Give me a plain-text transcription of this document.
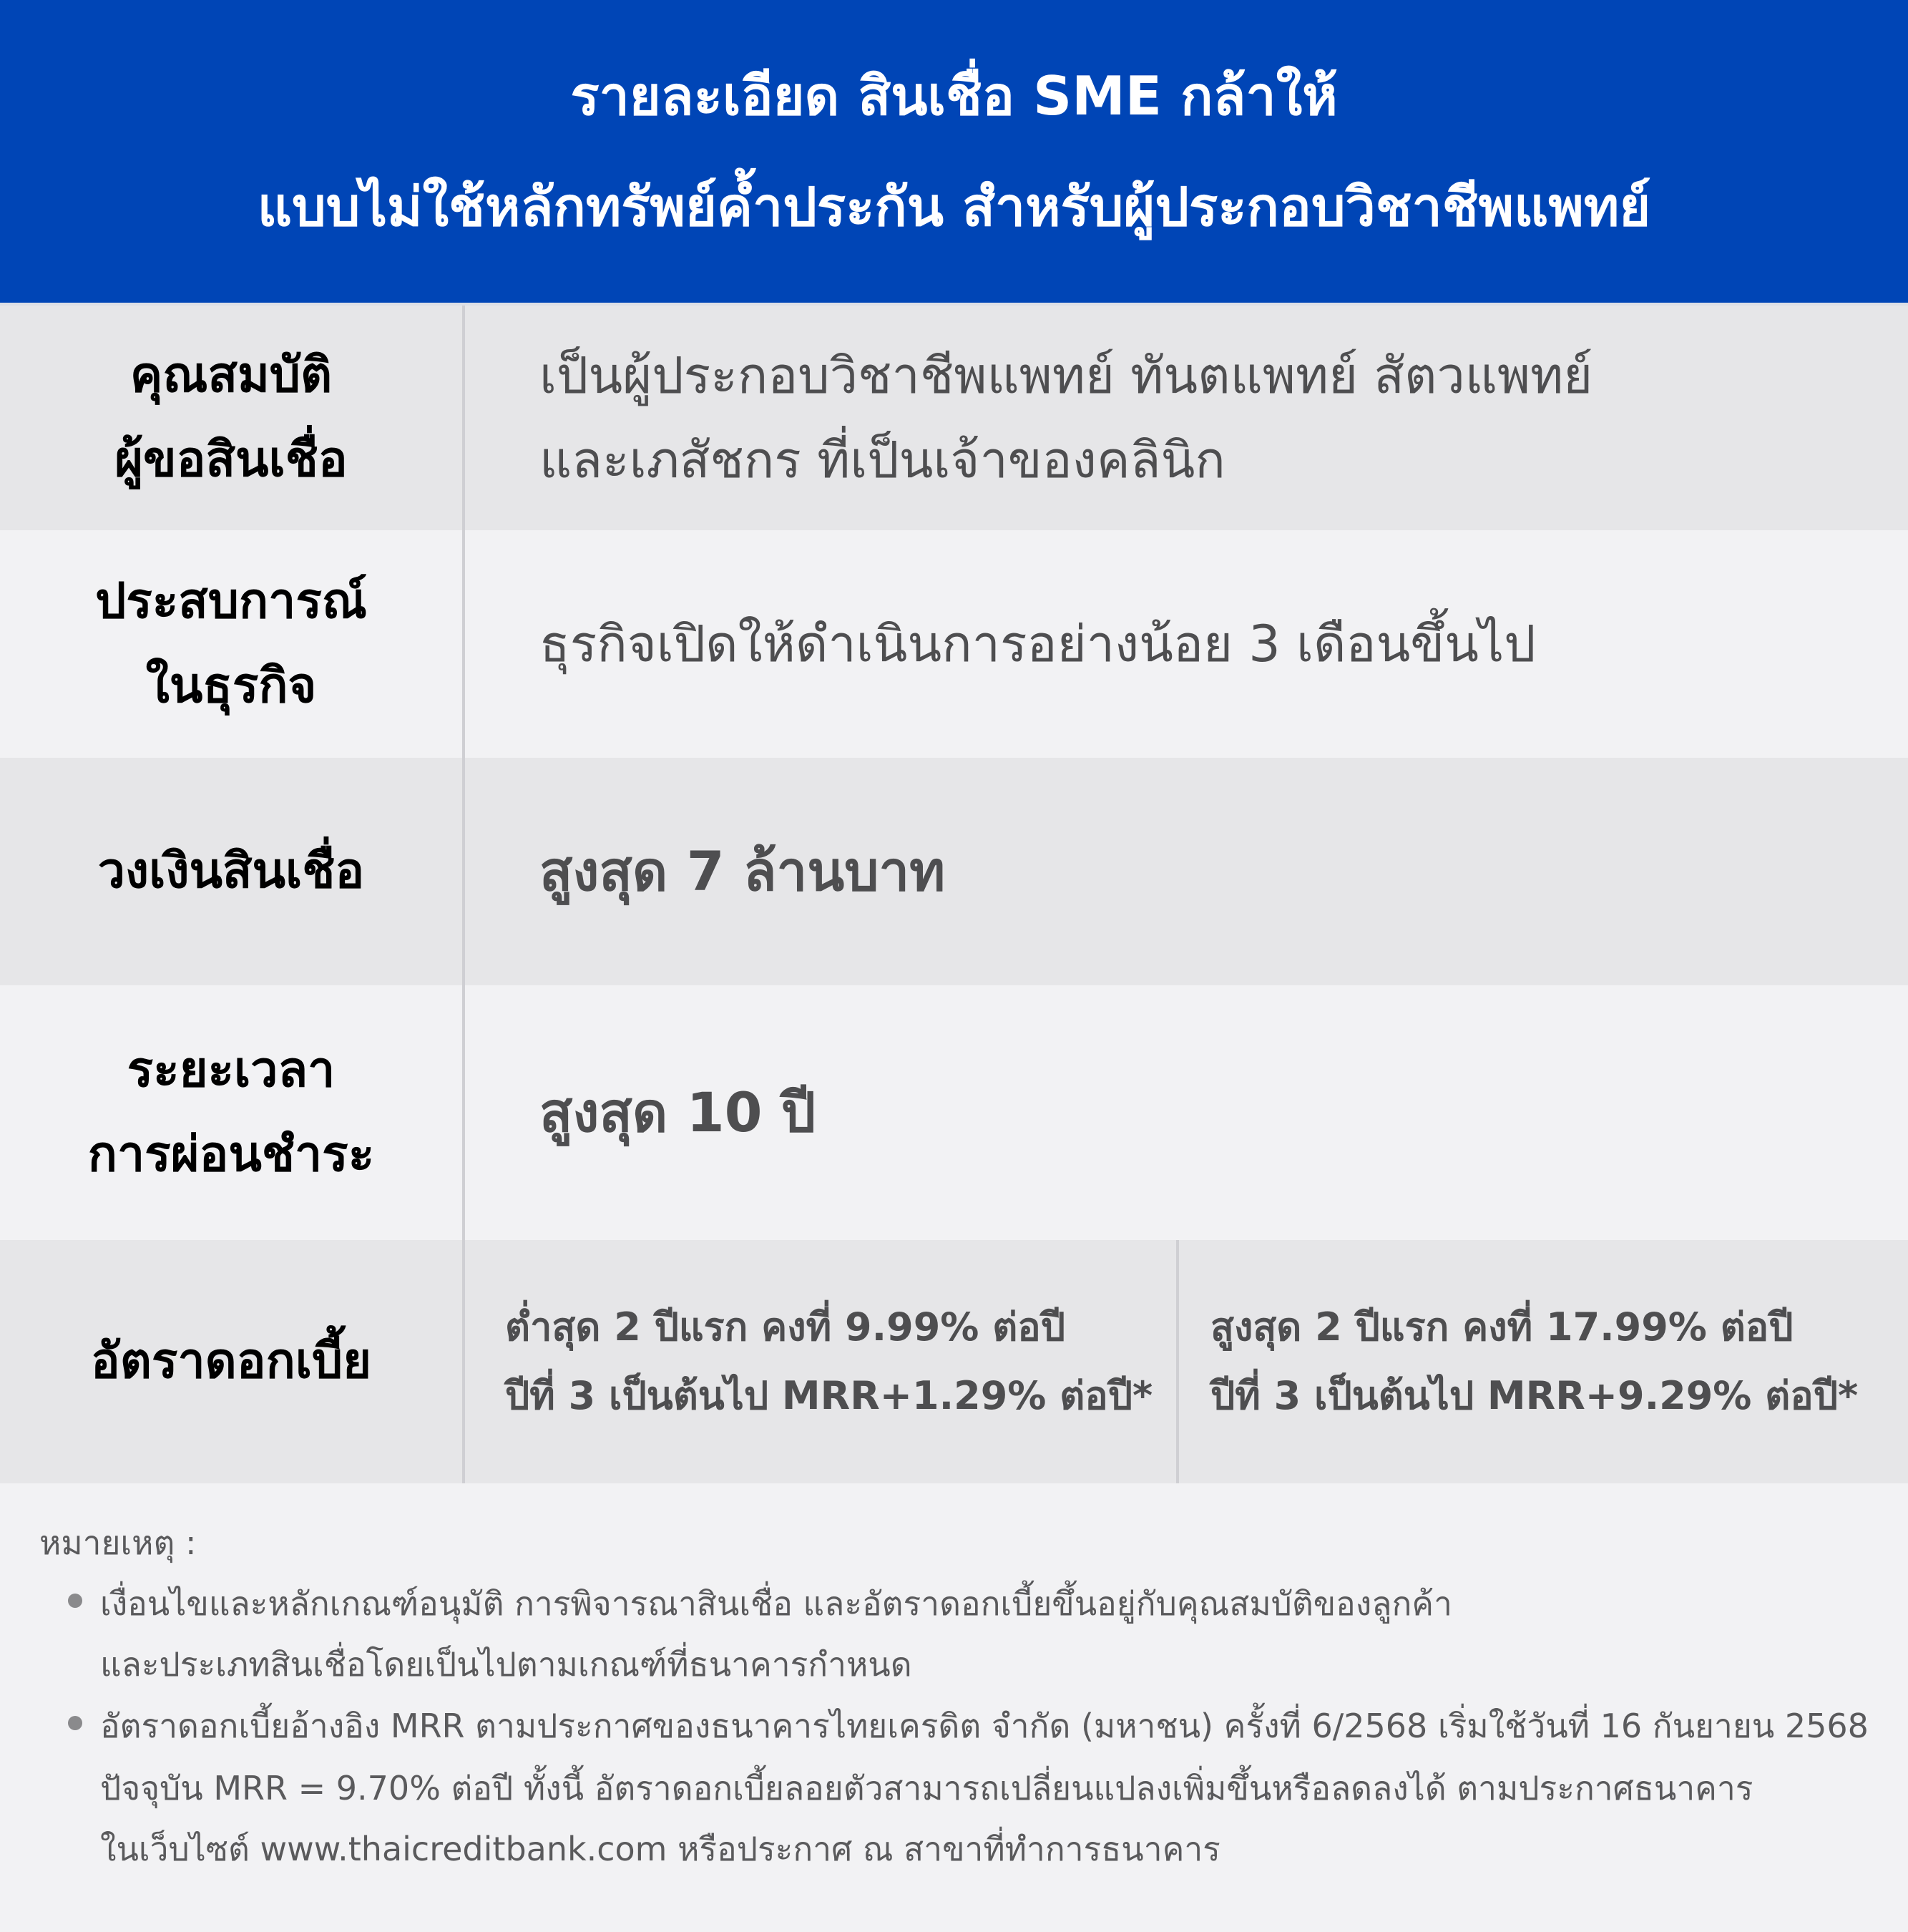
รายละเอียด สินเชื่อ SME กล้าให้
แบบไม่ใช้หลักทรัพย์ค้ำประกัน สำหรับผู้ประกอบวิชาชีพแพทย์
คุณสมบัติ
ผู้ขอสินเชื่อ
เป็นผู้ประกอบวิชาชีพแพทย์ ทันตแพทย์ สัตวแพทย์
และเภสัชกร ที่เป็นเจ้าของคลินิก
ประสบการณ์
ในธุรกิจ
ธุรกิจเปิดให้ดำเนินการอย่างน้อย 3 เดือนขึ้นไป
วงเงินสินเชื่อ	สูงสุด 7 ล้านบาท
ระยะเวลา
การผ่อนชำระ
สูงสุด 10 ปี
อัตราดอกเบี้ย
ต่ำสุด 2 ปีแรก คงที่ 9.99% ต่อปี
ปีที่ 3 เป็นต้นไป MRR+1.29% ต่อปี*
สูงสุด 2 ปีแรก คงที่ 17.99% ต่อปี
ปีที่ 3 เป็นต้นไป MRR+9.29% ต่อปี*
หมายเหตุ :
เงื่อนไขและหลักเกณฑ์อนุมัติ การพิจารณาสินเชื่อ และอัตราดอกเบี้ยขึ้นอยู่กับคุณสมบัติของลูกค้า
และประเภทสินเชื่อโดยเป็นไปตามเกณฑ์ที่ธนาคารกำหนด
อัตราดอกเบี้ยอ้างอิง MRR ตามประกาศของธนาคารไทยเครดิต จำกัด (มหาชน) ครั้งที่ 6/2568 เริ่มใช้วันที่ 16 กันยายน 2568
ปัจจุบัน MRR = 9.70% ต่อปี ทั้งนี้ อัตราดอกเบี้ยลอยตัวสามารถเปลี่ยนแปลงเพิ่มขึ้นหรือลดลงได้ ตามประกาศธนาคาร
ในเว็บไซต์ www.thaicreditbank.com หรือประกาศ ณ สาขาที่ทำการธนาคาร
